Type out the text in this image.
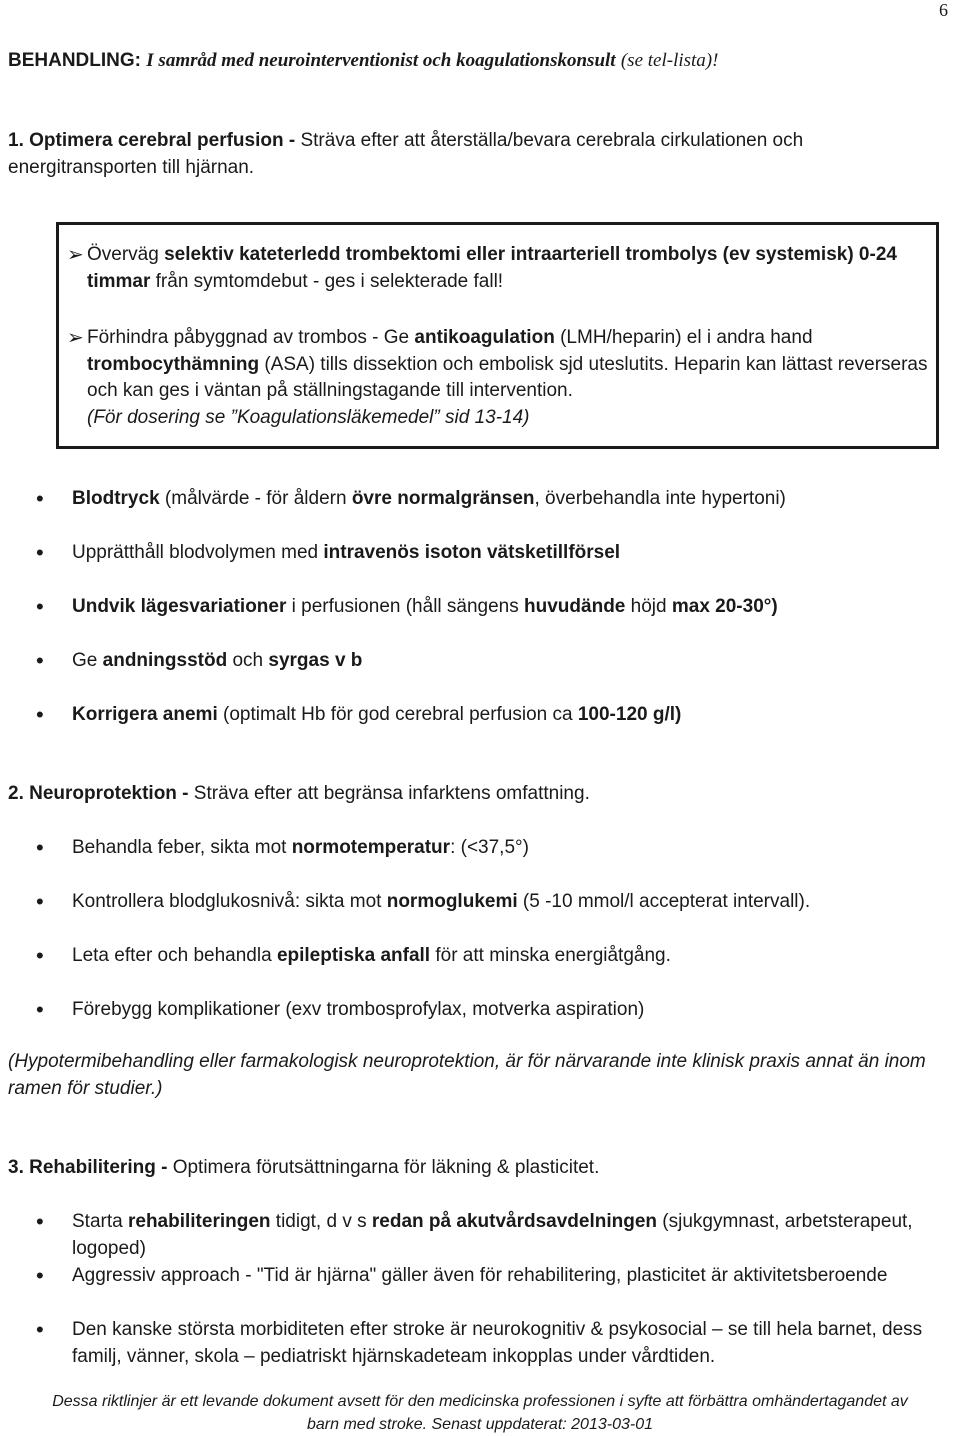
6
BEHANDLING: I samråd med neurointerventionist och koagulationskonsult (se tel-lista)!
1. Optimera cerebral perfusion - Sträva efter att återställa/bevara cerebrala cirkulationen och energitransporten till hjärnan.
➢ Överväg selektiv kateterledd trombektomi eller intraarteriell trombolys (ev systemisk) 0-24 timmar från symtomdebut - ges i selekterade fall!
➢ Förhindra påbyggnad av trombos - Ge antikoagulation (LMH/heparin) el i andra hand trombocythämning (ASA) tills dissektion och embolisk sjd uteslutits. Heparin kan lättast reverseras och kan ges i väntan på ställningstagande till intervention.
(För dosering se ”Koagulationsläkemedel” sid 13-14)
• Blodtryck (målvärde - för åldern övre normalgränsen, överbehandla inte hypertoni)
• Upprätthåll blodvolymen med intravenös isoton vätsketillförsel
• Undvik lägesvariationer i perfusionen (håll sängens huvudände höjd max 20-30°)
• Ge andningsstöd och syrgas v b
• Korrigera anemi (optimalt Hb för god cerebral perfusion ca 100-120 g/l)
2. Neuroprotektion - Sträva efter att begränsa infarktens omfattning.
• Behandla feber, sikta mot normotemperatur: (<37,5°)
• Kontrollera blodglukosnivå: sikta mot normoglukemi (5 -10 mmol/l accepterat intervall).
• Leta efter och behandla epileptiska anfall för att minska energiåtgång.
• Förebygg komplikationer (exv trombosprofylax, motverka aspiration)
(Hypotermibehandling eller farmakologisk neuroprotektion, är för närvarande inte klinisk praxis annat än inom ramen för studier.)
3. Rehabilitering - Optimera förutsättningarna för läkning & plasticitet.
• Starta rehabiliteringen tidigt, d v s redan på akutvårdsavdelningen (sjukgymnast, arbetsterapeut, logoped)
• Aggressiv approach - "Tid är hjärna" gäller även för rehabilitering, plasticitet är aktivitetsberoende
• Den kanske största morbiditeten efter stroke är neurokognitiv & psykosocial – se till hela barnet, dess familj, vänner, skola – pediatriskt hjärnskadeteam inkopplas under vårdtiden.
Dessa riktlinjer är ett levande dokument avsett för den medicinska professionen i syfte att förbättra omhändertagandet av
barn med stroke. Senast uppdaterat: 2013-03-01
